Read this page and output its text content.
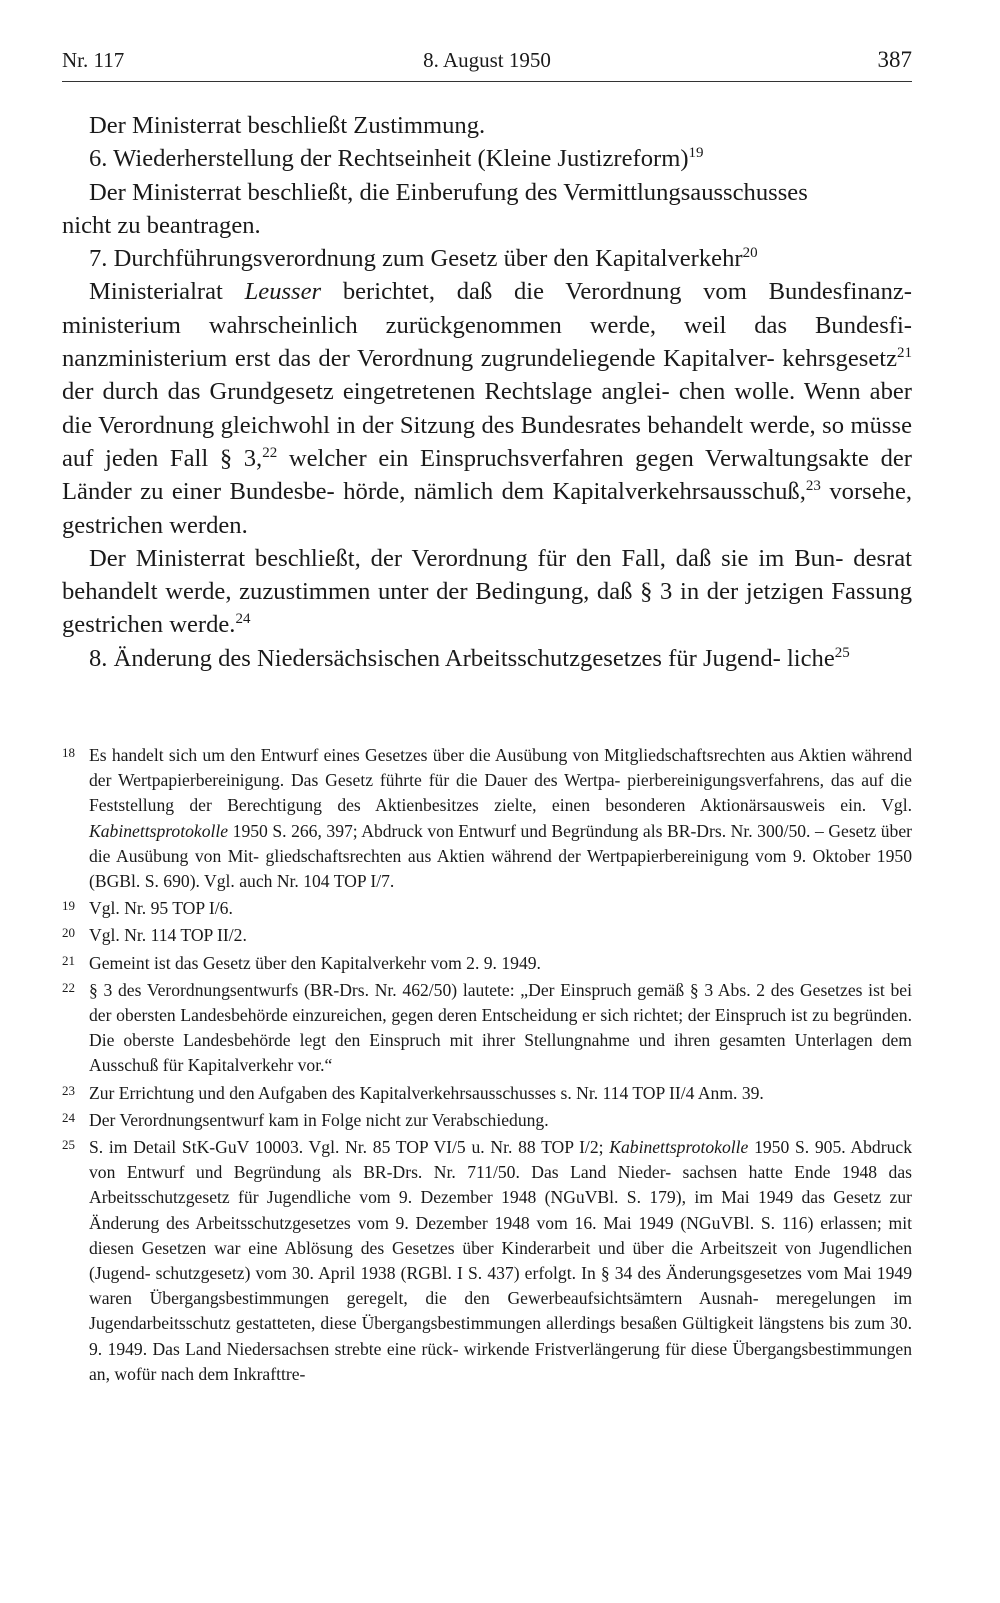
Nr. 117	8. August 1950	387

Der Ministerrat beschließt Zustimmung.

6. Wiederherstellung der Rechtseinheit (Kleine Justizreform)$^{19}$

Der Ministerrat beschließt, die Einberufung des Vermittlungsausschusses

nicht zu beantragen.

7. Durchführungsverordnung zum Gesetz über den Kapitalverkehr$^{20}$

Ministerialrat Leusser berichtet, daß die Verordnung vom Bundesfinanz- ministerium wahrscheinlich zurückgenommen werde, weil das Bundesfi- nanzministerium erst das der Verordnung zugrundeliegende Kapitalver- kehrsgesetz$^{21}$ der durch das Grundgesetz eingetretenen Rechtslage anglei- chen wolle. Wenn aber die Verordnung gleichwohl in der Sitzung des Bundesrates behandelt werde, so müsse auf jeden Fall § 3,22 welcher ein Einspruchsverfahren gegen Verwaltungsakte der Länder zu einer Bundesbe- hörde, nämlich dem Kapitalverkehrsausschuß,$^{23}$ vorsehe, gestrichen werden.

Der Ministerrat beschließt, der Verordnung für den Fall, daß sie im Bun- desrat behandelt werde, zuzustimmen unter der Bedingung, daß § 3 in der jetzigen Fassung gestrichen werde.$^{24}$

8. Änderung des Niedersächsischen Arbeitsschutzgesetzes für Jugend- liche$^{25}$

18 Es handelt sich um den Entwurf eines Gesetzes über die Ausübung von Mitgliedschaftsrechten aus Aktien während der Wertpapierbereinigung. Das Gesetz führte für die Dauer des Wertpa- pierbereinigungsverfahrens, das auf die Feststellung der Berechtigung des Aktienbesitzes zielte, einen besonderen Aktionärsausweis ein. Vgl. Kabinettsprotokolle 1950 S. 266, 397; Abdruck von Entwurf und Begründung als BR-Drs. Nr. 300/50. – Gesetz über die Ausübung von Mit- gliedschaftsrechten aus Aktien während der Wertpapierbereinigung vom 9. Oktober 1950 (BGBl. S. 690). Vgl. auch Nr. 104 TOP I/7.
19 Vgl. Nr. 95 TOP I/6.
20 Vgl. Nr. 114 TOP II/2.
21 Gemeint ist das Gesetz über den Kapitalverkehr vom 2. 9. 1949.
22 § 3 des Verordnungsentwurfs (BR-Drs. Nr. 462/50) lautete: „Der Einspruch gemäß § 3 Abs. 2 des Gesetzes ist bei der obersten Landesbehörde einzureichen, gegen deren Entscheidung er sich richtet; der Einspruch ist zu begründen. Die oberste Landesbehörde legt den Einspruch mit ihrer Stellungnahme und ihren gesamten Unterlagen dem Ausschuß für Kapitalverkehr vor.“
23 Zur Errichtung und den Aufgaben des Kapitalverkehrsausschusses s. Nr. 114 TOP II/4 Anm. 39.
24 Der Verordnungsentwurf kam in Folge nicht zur Verabschiedung.
25 S. im Detail StK-GuV 10003. Vgl. Nr. 85 TOP VI/5 u. Nr. 88 TOP I/2; Kabinettsprotokolle 1950 S. 905. Abdruck von Entwurf und Begründung als BR-Drs. Nr. 711/50. Das Land Nieder- sachsen hatte Ende 1948 das Arbeitsschutzgesetz für Jugendliche vom 9. Dezember 1948 (NGuVBl. S. 179), im Mai 1949 das Gesetz zur Änderung des Arbeitsschutzgesetzes vom 9. Dezember 1948 vom 16. Mai 1949 (NGuVBl. S. 116) erlassen; mit diesen Gesetzen war eine Ablösung des Gesetzes über Kinderarbeit und über die Arbeitszeit von Jugendlichen (Jugend- schutzgesetz) vom 30. April 1938 (RGBl. I S. 437) erfolgt. In § 34 des Änderungsgesetzes vom Mai 1949 waren Übergangsbestimmungen geregelt, die den Gewerbeaufsichtsämtern Ausnah- meregelungen im Jugendarbeitsschutz gestatteten, diese Übergangsbestimmungen allerdings besaßen Gültigkeit längstens bis zum 30. 9. 1949. Das Land Niedersachsen strebte eine rück- wirkende Fristverlängerung für diese Übergangsbestimmungen an, wofür nach dem Inkrafttre-
